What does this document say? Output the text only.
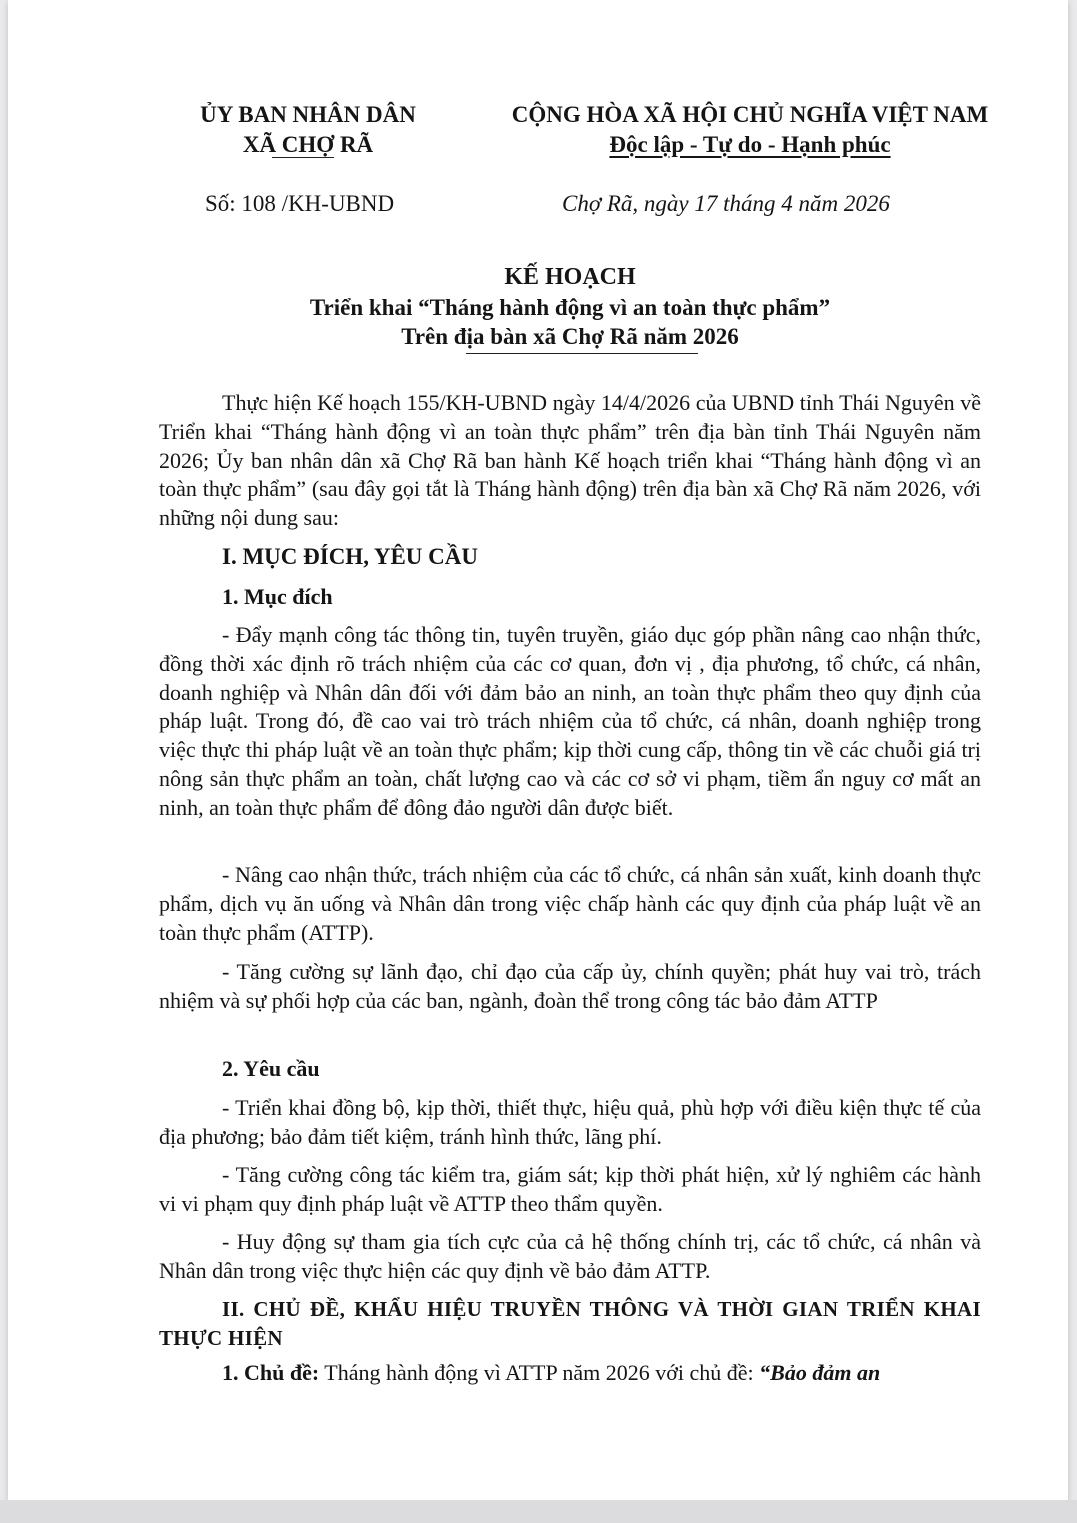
ỦY BAN NHÂN DÂN
XÃ CHỢ RÃ
CỘNG HÒA XÃ HỘI CHỦ NGHĨA VIỆT NAM
Độc lập - Tự do - Hạnh phúc
Số: 108 /KH-UBND	Chợ Rã, ngày 17 tháng 4 năm 2026
KẾ HOẠCH
Triển khai “Tháng hành động vì an toàn thực phẩm”
Trên địa bàn xã Chợ Rã năm 2026
Thực hiện Kế hoạch 155/KH-UBND ngày 14/4/2026 của UBND tỉnh Thái Nguyên về Triển khai “Tháng hành động vì an toàn thực phẩm” trên địa bàn tỉnh Thái Nguyên năm 2026; Ủy ban nhân dân xã Chợ Rã ban hành Kế hoạch triển khai “Tháng hành động vì an toàn thực phẩm” (sau đây gọi tắt là Tháng hành động) trên địa bàn xã Chợ Rã năm 2026, với những nội dung sau:
I. MỤC ĐÍCH, YÊU CẦU
1. Mục đích
- Đẩy mạnh công tác thông tin, tuyên truyền, giáo dục góp phần nâng cao nhận thức, đồng thời xác định rõ trách nhiệm của các cơ quan, đơn vị , địa phương, tổ chức, cá nhân, doanh nghiệp và Nhân dân đối với đảm bảo an ninh, an toàn thực phẩm theo quy định của pháp luật. Trong đó, đề cao vai trò trách nhiệm của tổ chức, cá nhân, doanh nghiệp trong việc thực thi pháp luật về an toàn thực phẩm; kịp thời cung cấp, thông tin về các chuỗi giá trị nông sản thực phẩm an toàn, chất lượng cao và các cơ sở vi phạm, tiềm ẩn nguy cơ mất an ninh, an toàn thực phẩm để đông đảo người dân được biết.
- Nâng cao nhận thức, trách nhiệm của các tổ chức, cá nhân sản xuất, kinh doanh thực phẩm, dịch vụ ăn uống và Nhân dân trong việc chấp hành các quy định của pháp luật về an toàn thực phẩm (ATTP).
- Tăng cường sự lãnh đạo, chỉ đạo của cấp ủy, chính quyền; phát huy vai trò, trách nhiệm và sự phối hợp của các ban, ngành, đoàn thể trong công tác bảo đảm ATTP
2. Yêu cầu
- Triển khai đồng bộ, kịp thời, thiết thực, hiệu quả, phù hợp với điều kiện thực tế của địa phương; bảo đảm tiết kiệm, tránh hình thức, lãng phí.
- Tăng cường công tác kiểm tra, giám sát; kịp thời phát hiện, xử lý nghiêm các hành vi vi phạm quy định pháp luật về ATTP theo thẩm quyền.
- Huy động sự tham gia tích cực của cả hệ thống chính trị, các tổ chức, cá nhân và Nhân dân trong việc thực hiện các quy định về bảo đảm ATTP.
II. CHỦ ĐỀ, KHẨU HIỆU TRUYỀN THÔNG VÀ THỜI GIAN TRIỂN KHAI THỰC HIỆN
1. Chủ đề: Tháng hành động vì ATTP năm 2026 với chủ đề: “Bảo đảm an
